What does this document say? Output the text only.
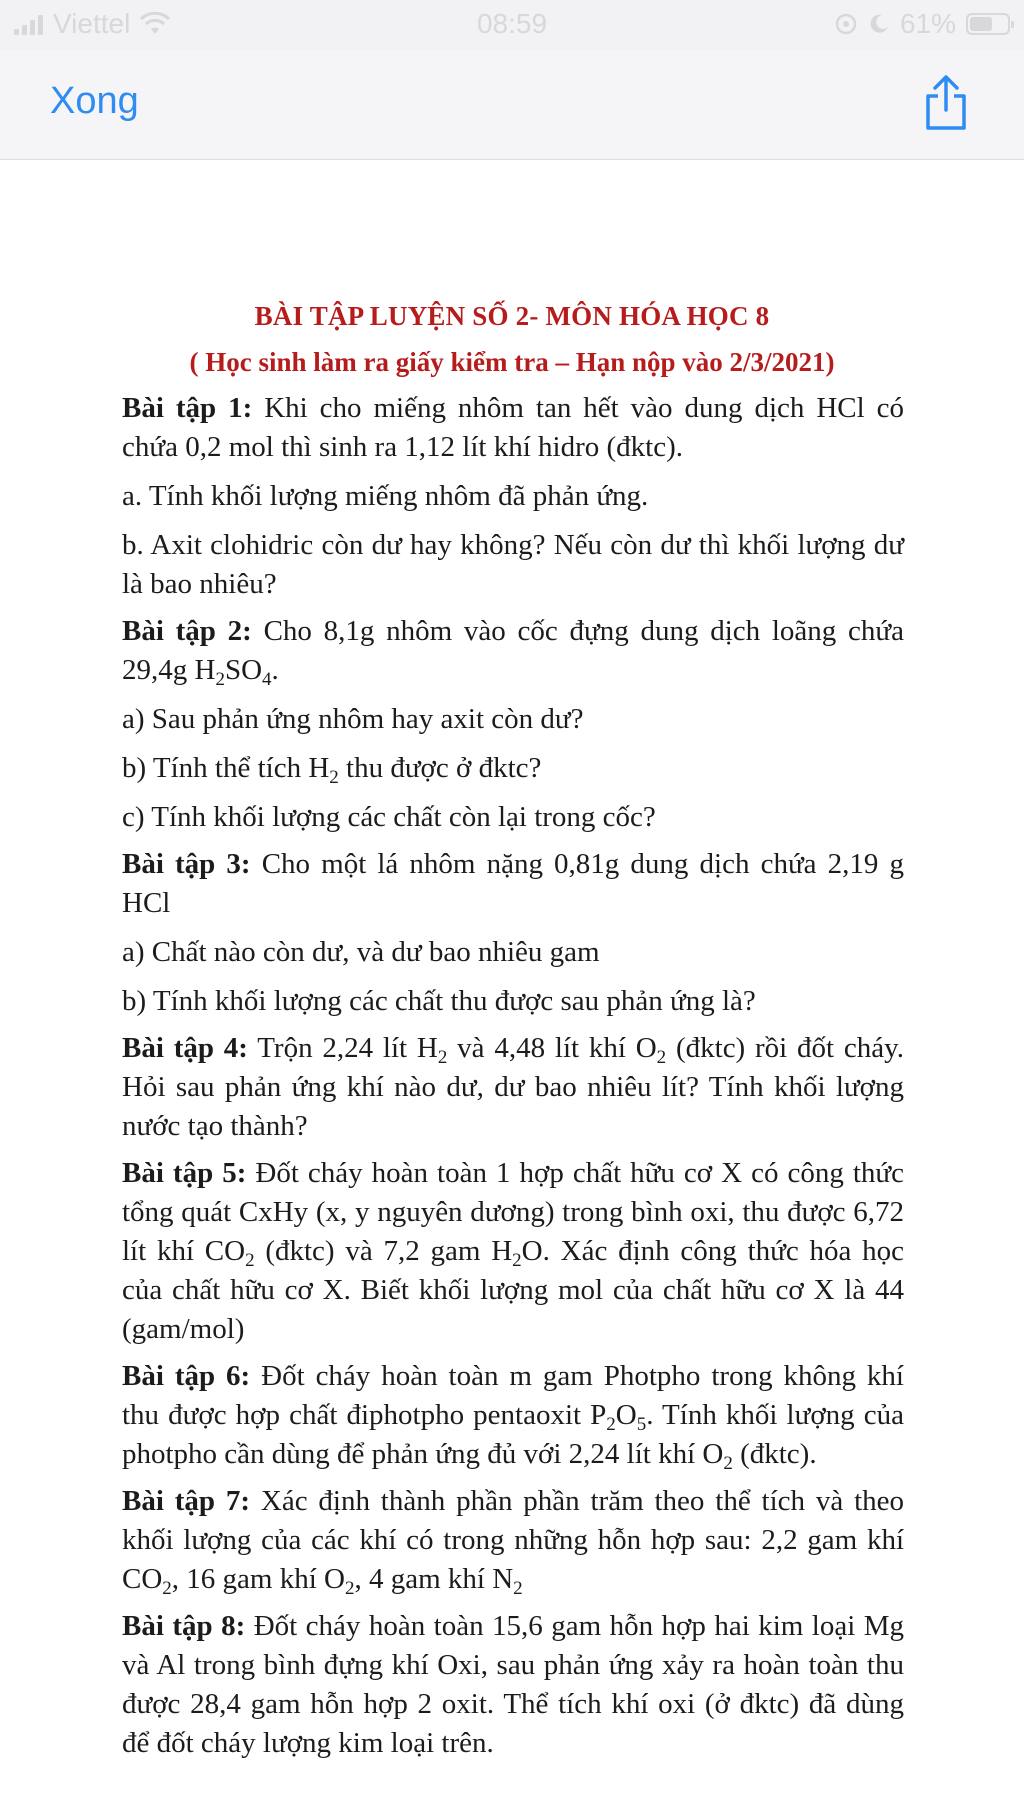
Viettel	08:59	61%
Xong
BÀI TẬP LUYỆN SỐ 2- MÔN HÓA HỌC 8
( Học sinh làm ra giấy kiểm tra – Hạn nộp vào 2/3/2021)

Bài tập 1: Khi cho miếng nhôm tan hết vào dung dịch HCl có chứa 0,2 mol thì sinh ra 1,12 lít khí hidro (đktc).

a. Tính khối lượng miếng nhôm đã phản ứng.

b. Axit clohidric còn dư hay không? Nếu còn dư thì khối lượng dư là bao nhiêu?

Bài tập 2: Cho 8,1g nhôm vào cốc đựng dung dịch loãng chứa 29,4g $H_2SO_4$.

a) Sau phản ứng nhôm hay axit còn dư?

b) Tính thể tích $H_2$ thu được ở đktc?

c) Tính khối lượng các chất còn lại trong cốc?

Bài tập 3: Cho một lá nhôm nặng 0,81g dung dịch chứa 2,19 g HCl

a) Chất nào còn dư, và dư bao nhiêu gam

b) Tính khối lượng các chất thu được sau phản ứng là?

Bài tập 4: Trộn 2,24 lít $H_2$ và 4,48 lít khí $O_2$ (đktc) rồi đốt cháy. Hỏi sau phản ứng khí nào dư, dư bao nhiêu lít? Tính khối lượng nước tạo thành?

Bài tập 5: Đốt cháy hoàn toàn 1 hợp chất hữu cơ X có công thức tổng quát CxHy (x, y nguyên dương) trong bình oxi, thu được 6,72 lít khí $CO_2$ (đktc) và 7,2 gam $H_2O$. Xác định công thức hóa học của chất hữu cơ X. Biết khối lượng mol của chất hữu cơ X là 44 (gam/mol)

Bài tập 6: Đốt cháy hoàn toàn m gam Photpho trong không khí thu được hợp chất điphotpho pentaoxit $P_2O_5$. Tính khối lượng của photpho cần dùng để phản ứng đủ với 2,24 lít khí $O_2$ (đktc).

Bài tập 7: Xác định thành phần phần trăm theo thể tích và theo khối lượng của các khí có trong những hỗn hợp sau: 2,2 gam khí $CO_2$, 16 gam khí $O_2$, 4 gam khí $N_2$

Bài tập 8: Đốt cháy hoàn toàn 15,6 gam hỗn hợp hai kim loại Mg và Al trong bình đựng khí Oxi, sau phản ứng xảy ra hoàn toàn thu được 28,4 gam hỗn hợp 2 oxit. Thể tích khí oxi (ở đktc) đã dùng để đốt cháy lượng kim loại trên.
